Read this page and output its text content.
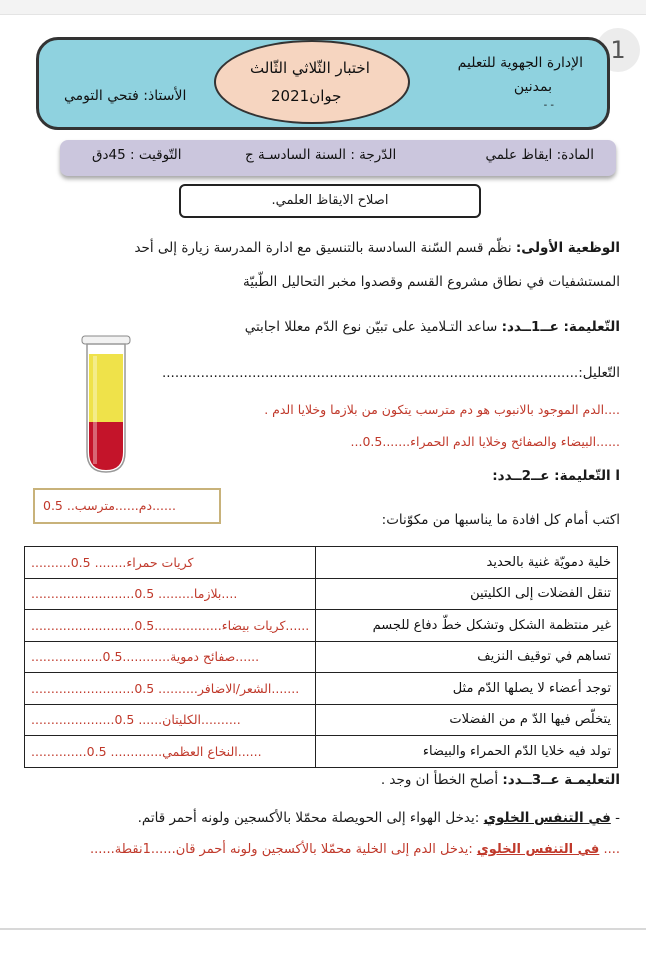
1
الإدارة الجهوية للتعليم
بمدنين
- -
اختبار الثّلاثي الثّالث
جوان2021
الأستاذ: فتحي التومي
المادة: ايقاظ علمي
الدّرجة : السنة السادسـة ج
التّوقيت : 45دق
اصلاح الايقاظ العلمي.
الوظعية الأولى: نظّم قسم السّنة السادسة بالتنسيق مع ادارة المدرسة زيارة إلى أحد
المستشفيات في نطاق مشروع القسم وقصدوا مخبر التحاليل الطّبيّة
التّعليمة: عــ1ــدد: ساعد التـلاميذ على تبيّن نوع الدّم معللا اجابتي
التّعليل:.................................................................................................
....الدم الموجود بالانبوب هو دم مترسب يتكون من بلازما وخلايا الدم .
......البيضاء والصفائح وخلايا الدم الحمراء.......0.5...
ا التّعليمة: عــ2ــدد:
دم......مترسب.. 0.5......
اكتب أمام كل افادة ما يناسبها من مكوّنات:
..........كريات حمراء........ 0.5	خلية دمويّة غنية بالحديد
..........................بلازما......... 0.5....	تنقل الفضلات إلى الكليتين
..........................كريات بيضاء.................0.5......	غير منتظمة الشكل وتشكل خطّ دفاع للجسم
..................صفائح دموية............0.5......	تساهم في توقيف النزيف
..........................الشعر/الاضافر.......... 0.5.......	توجد أعضاء لا يصلها الدّم مثل
.....................الكليتان...... 0.5..........	يتخلّص فيها الدّ م من الفضلات
..............النخاع العظمي............. 0.5......	تولد فيه خلايا الدّم الحمراء والبيضاء
التعليمـة عــ3ــدد: أصلح الخطأ ان وجد .
- في التنفس الخلوي :يدخل الهواء إلى الحويصلة محمّلا بالأكسجين ولونه أحمر قاتم.
.... في التنفس الخلوي :يدخل الدم إلى الخلية محمّلا بالأكسجين ولونه أحمر قان......1نقطة......
